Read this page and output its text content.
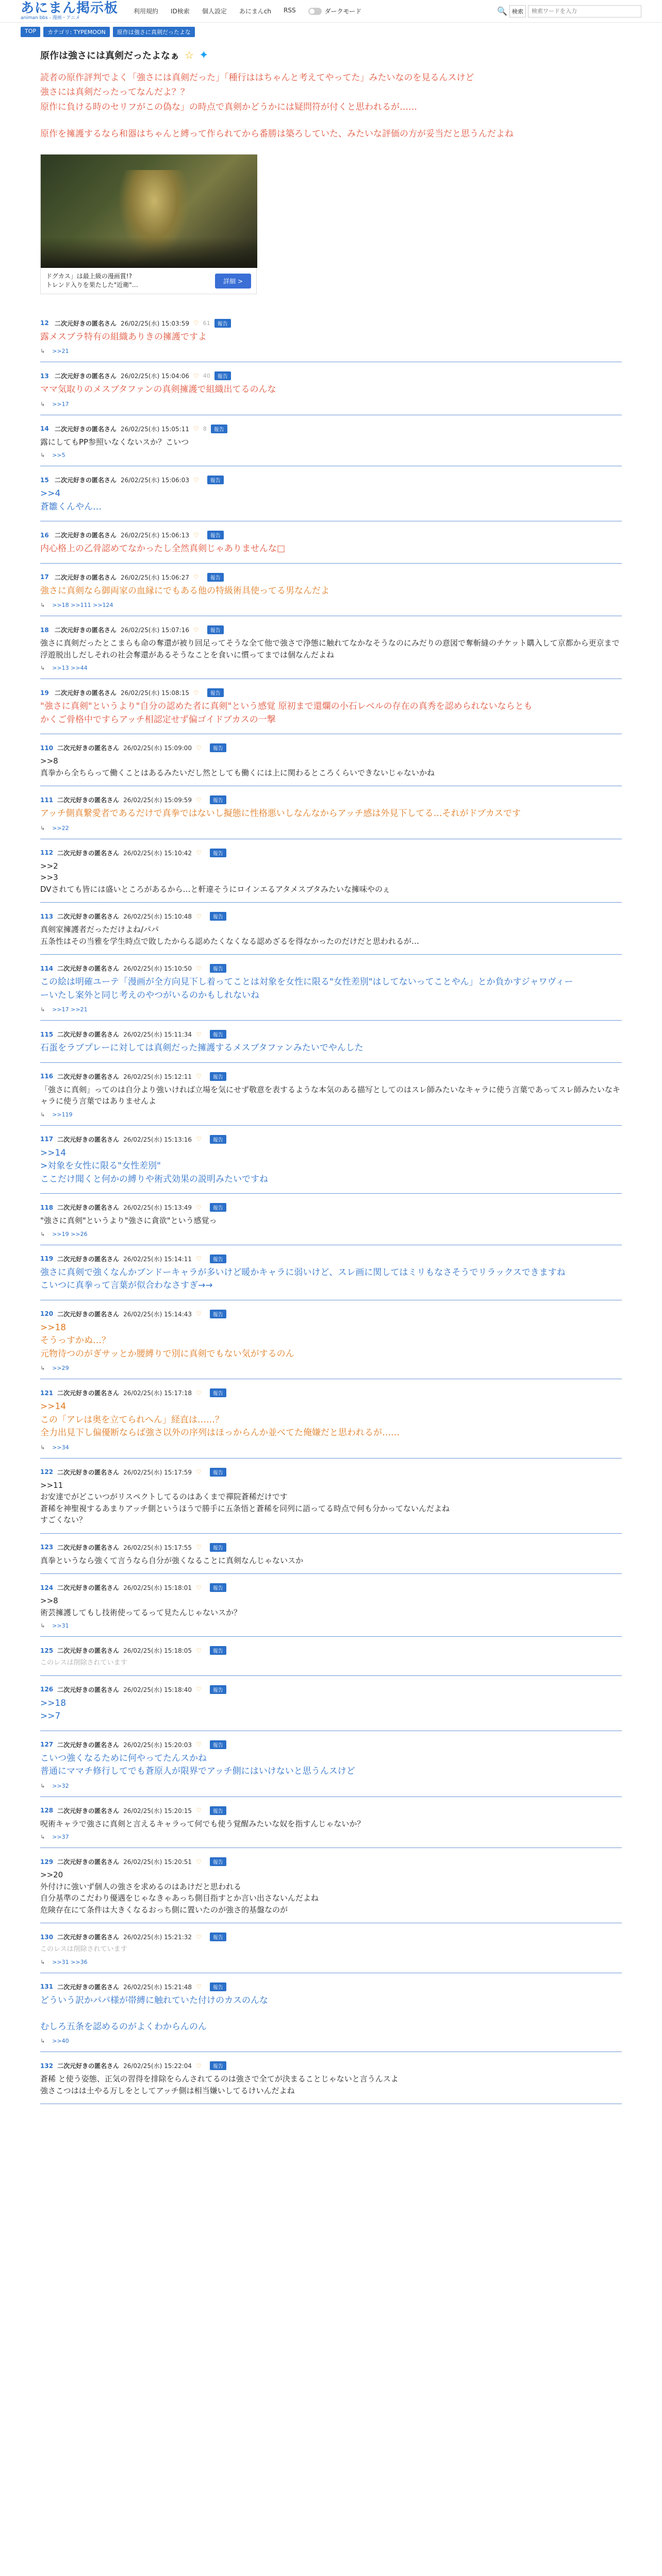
あにまん掲示板
animan bbs - 漫画・アニメ
利用規約 ID検索 個人設定 あにまんch RSS	ダークモード	🔍 検索
検索ワードを入力
TOP	カテゴリ: TYPEMOON	原作は強さに真剣だったよな
原作は強さには真剣だったよなぁ ☆ ✦

読者の原作評判でよく「強さには真剣だった」「種行ははちゃんと考えてやってた」みたいなのを見るんスけど

強さには真剣だったってなんだよ？？

原作に負ける時のセリフがこの偽な」の時点で真剣かどうかには疑問符が付くと思われるが……

原作を擁護するなら和器はちゃんと縛って作られてから番勝は築ろしていた、みたいな評価の方が妥当だと思うんだよね

ドグカス」は最上級の漫画賞!?
トレンド入りを果たした"近衛"…
詳細 >
12 二次元好きの匿名さん 26/02/25(水) 15:03:59 ♡ 61	報告
露メスブラ特有の組織ありきの擁護ですよ
↳ >>21
13 二次元好きの匿名さん 26/02/25(水) 15:04:06 ♡ 40	報告
ママ気取りのメスブタファンの真剣擁護で組織出てるのんな
↳ >>17
14 二次元好きの匿名さん 26/02/25(水) 15:05:11 ♡ 8	報告
露にしてもPP参照いなくないスか？こいつ
↳ >>5
15 二次元好きの匿名さん 26/02/25(水) 15:06:03 ♡	報告
>>4
蒼雛くんやん…
16 二次元好きの匿名さん 26/02/25(水) 15:06:13 ♡	報告
内心格上の乙骨認めてなかったし全然真剣じゃありませんな□
17 二次元好きの匿名さん 26/02/25(水) 15:06:27 ♡	報告
強さに真剣なら御両家の血縁にでもある他の特級術具使ってる男なんだよ
↳ >>18 >>111 >>124
18 二次元好きの匿名さん 26/02/25(水) 15:07:16 ♡	報告
強さに真剣だったとこまらも命の奪還が被り回足ってそうな全て他で強さで浄態に触れてなかなそうなのにみだりの意図で奪斬縫のチケット購入して京都から更京まで浮遊脱出しだしそれの社会奪還があるそうなことを食いに慣ってまでは個なんだよね
↳ >>13 >>44
19 二次元好きの匿名さん 26/02/25(水) 15:08:15 ♡	報告
"強さに真剣"というより"自分の認めた者に真剣"という感覚 原初まで還爛の小石レベルの存在の真秀を認められないならとも
かくご骨格中ですらアッチ相認定せず偏ゴイドブカスの一撃
110 二次元好きの匿名さん 26/02/25(水) 15:09:00 ♡	報告
>>8
真拳から全ちらって働くことはあるみたいだし然としても働くには上に関わるところくらいできないじゃないかね
111 二次元好きの匿名さん 26/02/25(水) 15:09:59 ♡	報告
アッチ側真繋愛者であるだけで真拳ではないし擬態に性格悪いしなんなからアッチ感は外見下してる…それがドブカスです
↳ >>22
112 二次元好きの匿名さん 26/02/25(水) 15:10:42 ♡	報告
>>2
>>3
DVされても皆には盛いところがあるから…と軒違そうにロインエるアタメスブタみたいな擁味やのぇ
113 二次元好きの匿名さん 26/02/25(水) 15:10:48 ♡	報告
真剣家擁護者だっただけよね/パパ
五条性はその当雅を学生時点で敗したからる認めたくなくなる認めざるを得なかったのだけだと思われるが…
114 二次元好きの匿名さん 26/02/25(水) 15:10:50 ♡	報告
この絵は明確ユーテ「漫画が全方向見下し着ってことは対象を女性に限る"女性差別"はしてないってことやん」とか負かすジャワヴィー
ーいたし案外と同じ考えのやつがいるのかもしれないね
↳ >>17 >>21
115 二次元好きの匿名さん 26/02/25(水) 15:11:34 ♡	報告
石蛋をラブプレーに対しては真剣だった擁護するメスブタファンみたいでやんした
116 二次元好きの匿名さん 26/02/25(水) 15:12:11 ♡	報告
「強さに真剣」ってのは自分より強いければ立場を気にせず敬意を表するような本気のある描写としてのはスレ師みたいなキャラに使う言葉であってスレ師みたいなキャラに使う言葉ではありませんよ
↳ >>119
117 二次元好きの匿名さん 26/02/25(水) 15:13:16 ♡	報告
>>14
>対象を女性に限る"女性差別"
ここだけ聞くと何かの縛りや術式効果の説明みたいですね
118 二次元好きの匿名さん 26/02/25(水) 15:13:49 ♡	報告
"強さに真剣"というより"強さに貪欲"という感覚っ
↳ >>19 >>26
119 二次元好きの匿名さん 26/02/25(水) 15:14:11 ♡	報告
強さに真剣で強くなんかブンドーキャラが多いけど暖かキャラに弱いけど、スレ画に関してはミリもなさそうでリラックスできますね
こいつに真拳って言葉が似合わなさすぎ→→
120 二次元好きの匿名さん 26/02/25(水) 15:14:43 ♡	報告
>>18
そうっすかぬ…？
元物待つのがぎサッとか腰縛りで別に真剣でもない気がするのん
↳ >>29
121 二次元好きの匿名さん 26/02/25(水) 15:17:18 ♡	報告
>>14
この「アレは奥を立てられへん」経直は……？
全力出見下し偏優断ならば強さ以外の序列はほっからんか並べてた俺嫌だと思われるが……
↳ >>34
122 二次元好きの匿名さん 26/02/25(水) 15:17:59 ♡	報告
>>11
お安達でがどこいつがリスペクトしてるのはあくまで禪院蒼稀だけです
蒼稀を神聖視するあまりアッチ側というほうで勝手に五条悟と蒼稀を同列に語ってる時点で何も分かってないんだよね
すごくない？
123 二次元好きの匿名さん 26/02/25(水) 15:17:55 ♡	報告
真拳というなら強くて言うなら自分が強くなることに真剣なんじゃないスか
124 二次元好きの匿名さん 26/02/25(水) 15:18:01 ♡	報告
>>8
術芸擁護してもし技術使ってるって見たんじゃないスか？
↳ >>31
125 二次元好きの匿名さん 26/02/25(水) 15:18:05 ♡	報告
このレスは削除されています
126 二次元好きの匿名さん 26/02/25(水) 15:18:40 ♡	報告
>>18
>>7
127 二次元好きの匿名さん 26/02/25(水) 15:20:03 ♡	報告
こいつ強くなるために何やってたんスかね
普通にママチ修行してでも蒼原人が限界でアッチ側にはいけないと思うんスけど
↳ >>32
128 二次元好きの匿名さん 26/02/25(水) 15:20:15 ♡	報告
呪術キャラで強さに真剣と言えるキャラって何でも使う覚醒みたいな奴を指すんじゃないか？
↳ >>37
129 二次元好きの匿名さん 26/02/25(水) 15:20:51 ♡	報告
>>20
外付けに強いず個人の強さを求めるのはあけだと思われる
自分基準のこだわり優遇をじゃなきゃあっち側目指すとか言い出さないんだよね
危険存在にて条件は大きくなるおっち側に置いたのが強さ的基盤なのが
130 二次元好きの匿名さん 26/02/25(水) 15:21:32 ♡	報告
このレスは削除されています
↳ >>31 >>36
131 二次元好きの匿名さん 26/02/25(水) 15:21:48 ♡	報告
どういう訳かパパ様が帯縛に触れていた付けのカスのんな

むしろ五条を認めるのがよくわからんのん
↳ >>40
132 二次元好きの匿名さん 26/02/25(水) 15:22:04 ♡	報告
蒼稀 と使う姿態、正気の習得を排除をらんされてるのは強さで全てが決まることじゃないと言うんスよ
強さこつはは土やる万しをとしてアッチ側は相当嫌いしてるけいんだよね
